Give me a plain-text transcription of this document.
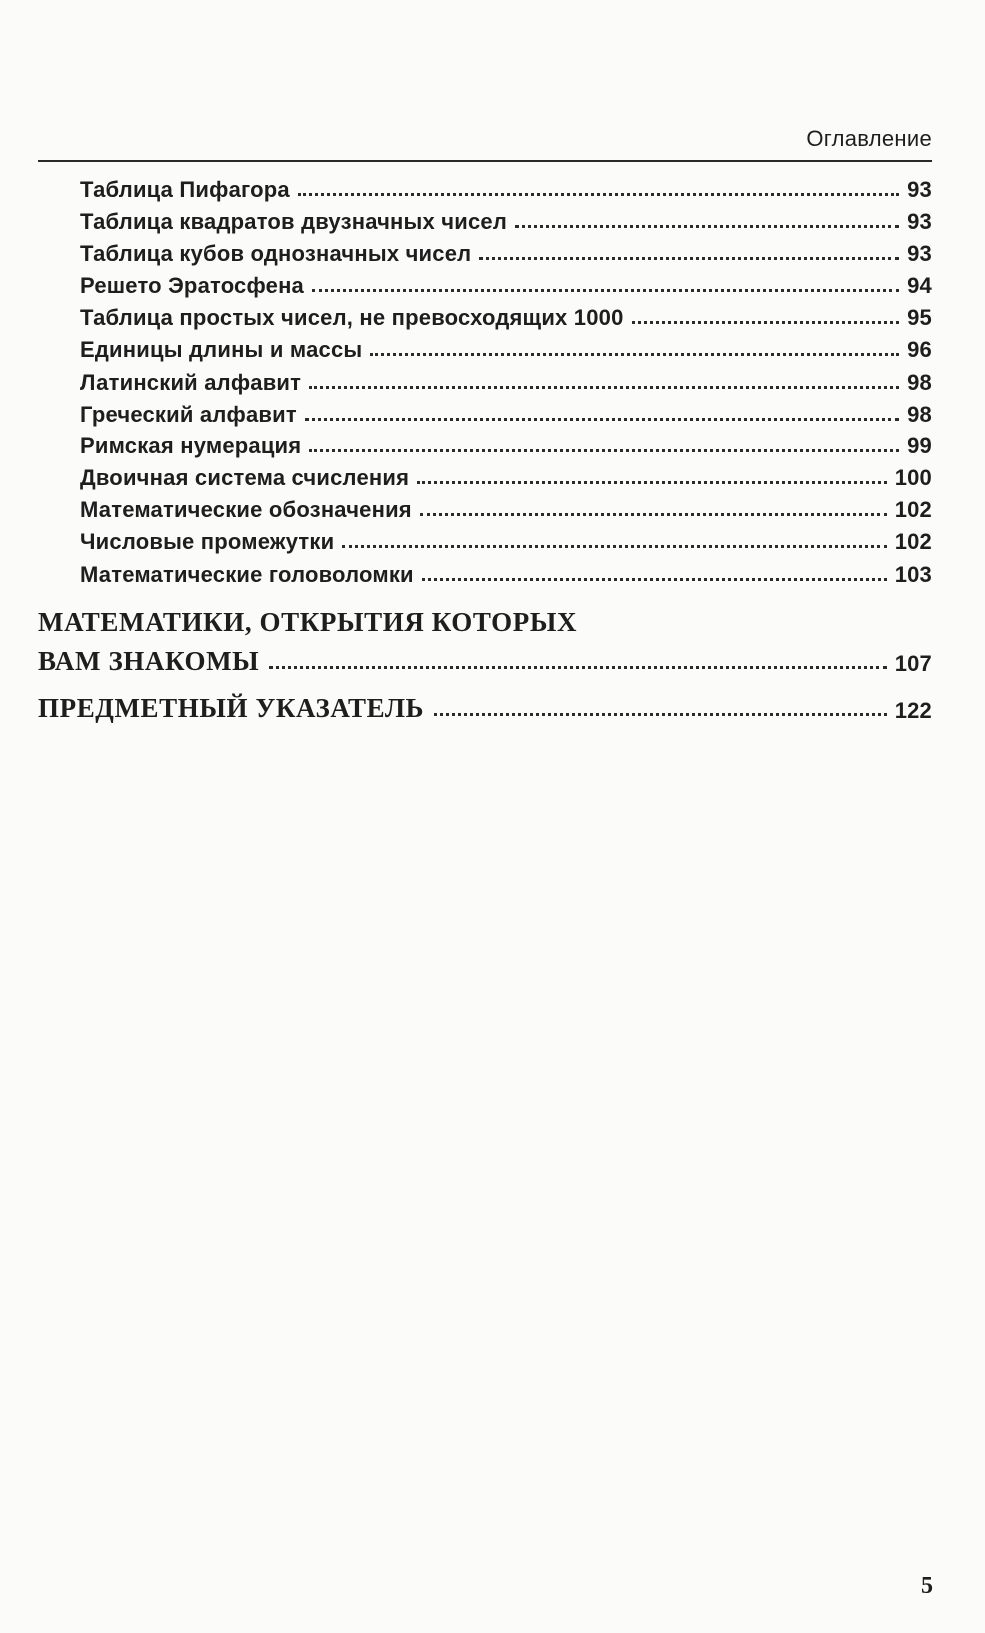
Оглавление
Таблица Пифагора	93
Таблица квадратов двузначных чисел	93
Таблица кубов однозначных чисел	93
Решето Эратосфена	94
Таблица простых чисел, не превосходящих 1000	95
Единицы длины и массы	96
Латинский алфавит	98
Греческий алфавит	98
Римская нумерация	99
Двоичная система счисления	100
Математические обозначения	102
Числовые промежутки	102
Математические головоломки	103
МАТЕМАТИКИ, ОТКРЫТИЯ КОТОРЫХ
ВАМ ЗНАКОМЫ	107
ПРЕДМЕТНЫЙ УКАЗАТЕЛЬ	122
5
